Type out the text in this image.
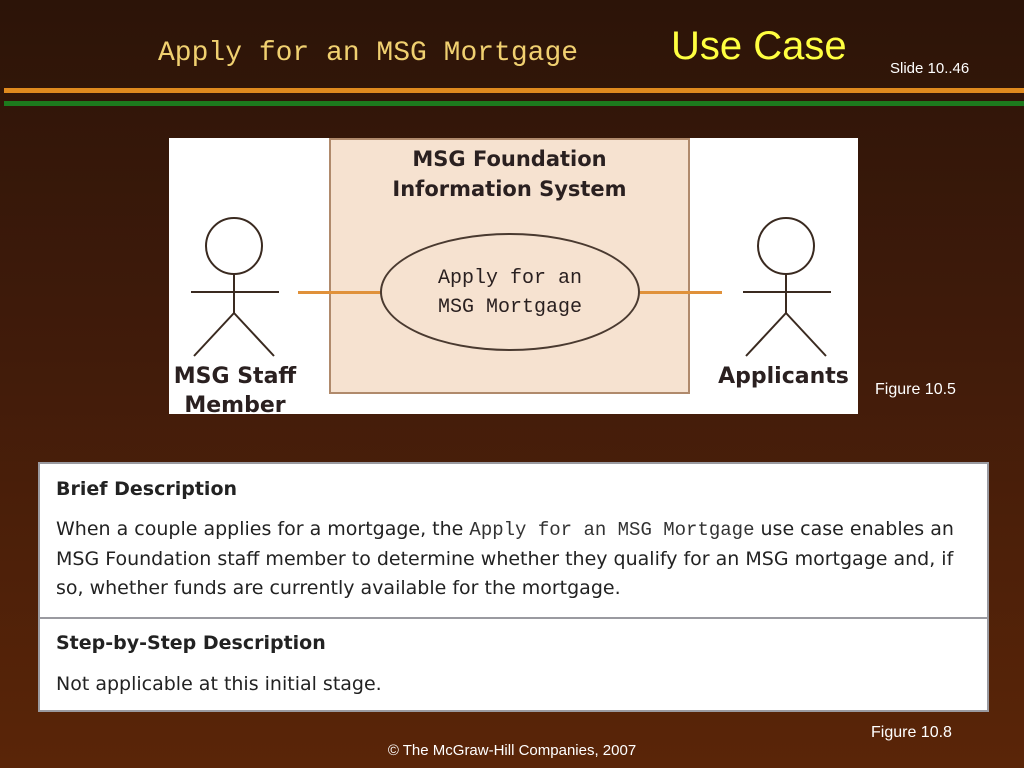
Apply for an MSG Mortgage Use Case
Slide 10..46
MSG Foundation
Information System
Apply for an
MSG Mortgage
MSG Staff
Member
Applicants
Figure 10.5
Brief Description
When a couple applies for a mortgage, the Apply for an MSG Mortgage use case enables an MSG Foundation staff member to determine whether they qualify for an MSG mortgage and, if so, whether funds are currently available for the mortgage.
Step-by-Step Description
Not applicable at this initial stage.
Figure 10.8
© The McGraw-Hill Companies, 2007
